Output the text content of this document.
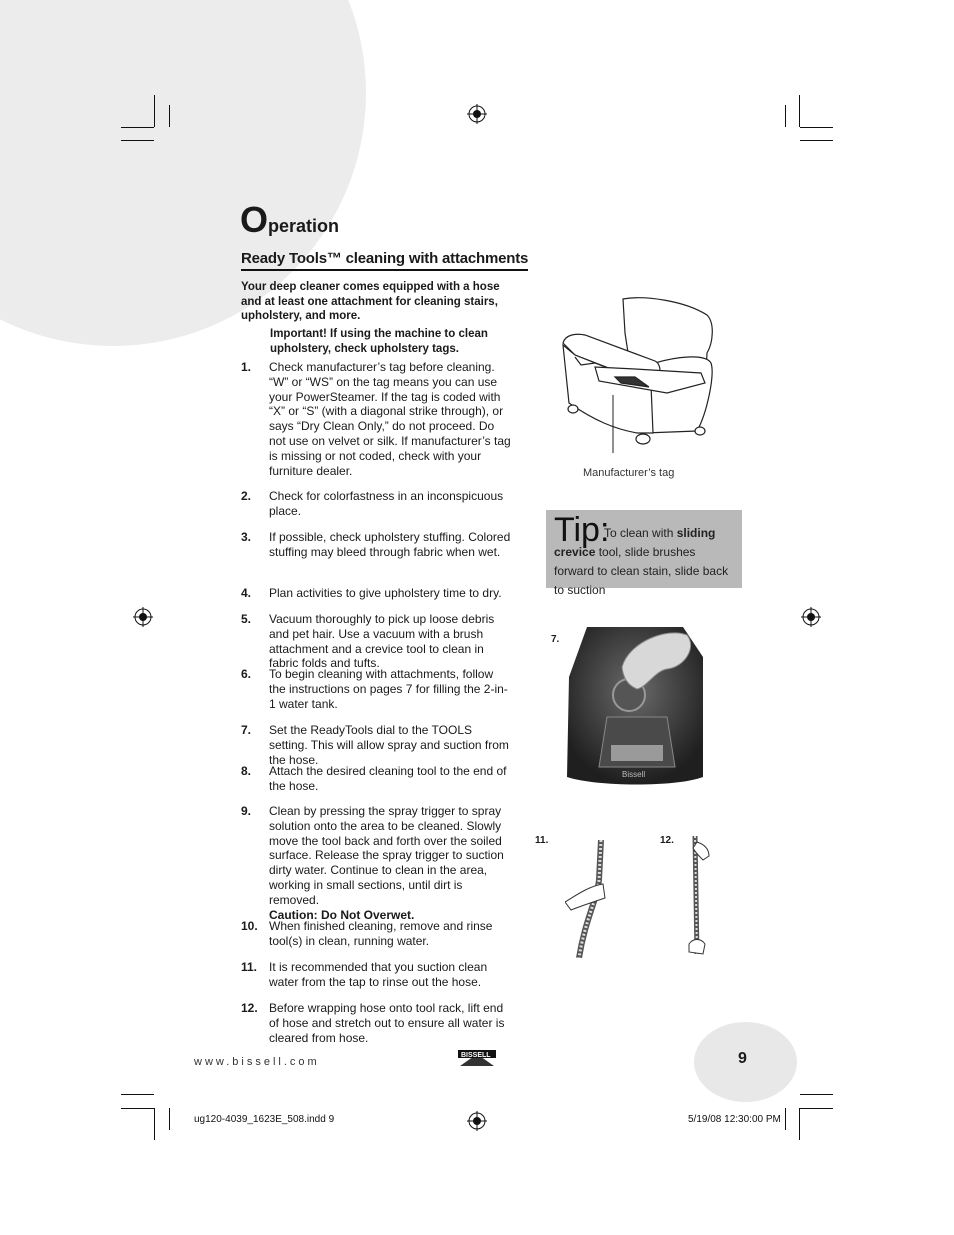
Operation
Ready Tools™ cleaning with attachments
Your deep cleaner comes equipped with a hose and at least one attachment for cleaning stairs, upholstery, and more.
Important! If using the machine to clean upholstery, check upholstery tags.
1. Check manufacturer’s tag before cleaning. “W” or “WS” on the tag means you can use your PowerSteamer. If the tag is coded with “X” or “S” (with a diagonal strike through), or says “Dry Clean Only,” do not proceed. Do not use on velvet or silk. If manufacturer’s tag is missing or not coded, check with your furniture dealer.
2. Check for colorfastness in an inconspicuous place.
3. If possible, check upholstery stuffing. Colored stuffing may bleed through fabric when wet.
4. Plan activities to give upholstery time to dry.
5. Vacuum thoroughly to pick up loose debris and pet hair. Use a vacuum with a brush attachment and a crevice tool to clean in fabric folds and tufts.
6. To begin cleaning with attachments, follow the instructions on pages 7 for filling the 2-in-1 water tank.
7. Set the ReadyTools dial to the TOOLS setting. This will allow spray and suction from the hose.
8. Attach the desired cleaning tool to the end of the hose.
9. Clean by pressing the spray trigger to spray solution onto the area to be cleaned. Slowly move the tool back and forth over the soiled surface. Release the spray trigger to suction dirty water. Continue to clean in the area, working in small sections, until dirt is removed.
Caution: Do Not Overwet.
10. When finished cleaning, remove and rinse tool(s) in clean, running water.
11. It is recommended that you suction clean water from the tap to rinse out the hose.
12. Before wrapping hose onto tool rack, lift end of hose and stretch out to ensure all water is cleared from hose.
Manufacturer’s tag
Tip:
To clean with sliding crevice tool, slide brushes forward to clean stain, slide back to suction
7.
Bissell
11.	12.
www.bissell.com
BISSELL	9
ug120-4039_1623E_508.indd 9	5/19/08 12:30:00 PM
